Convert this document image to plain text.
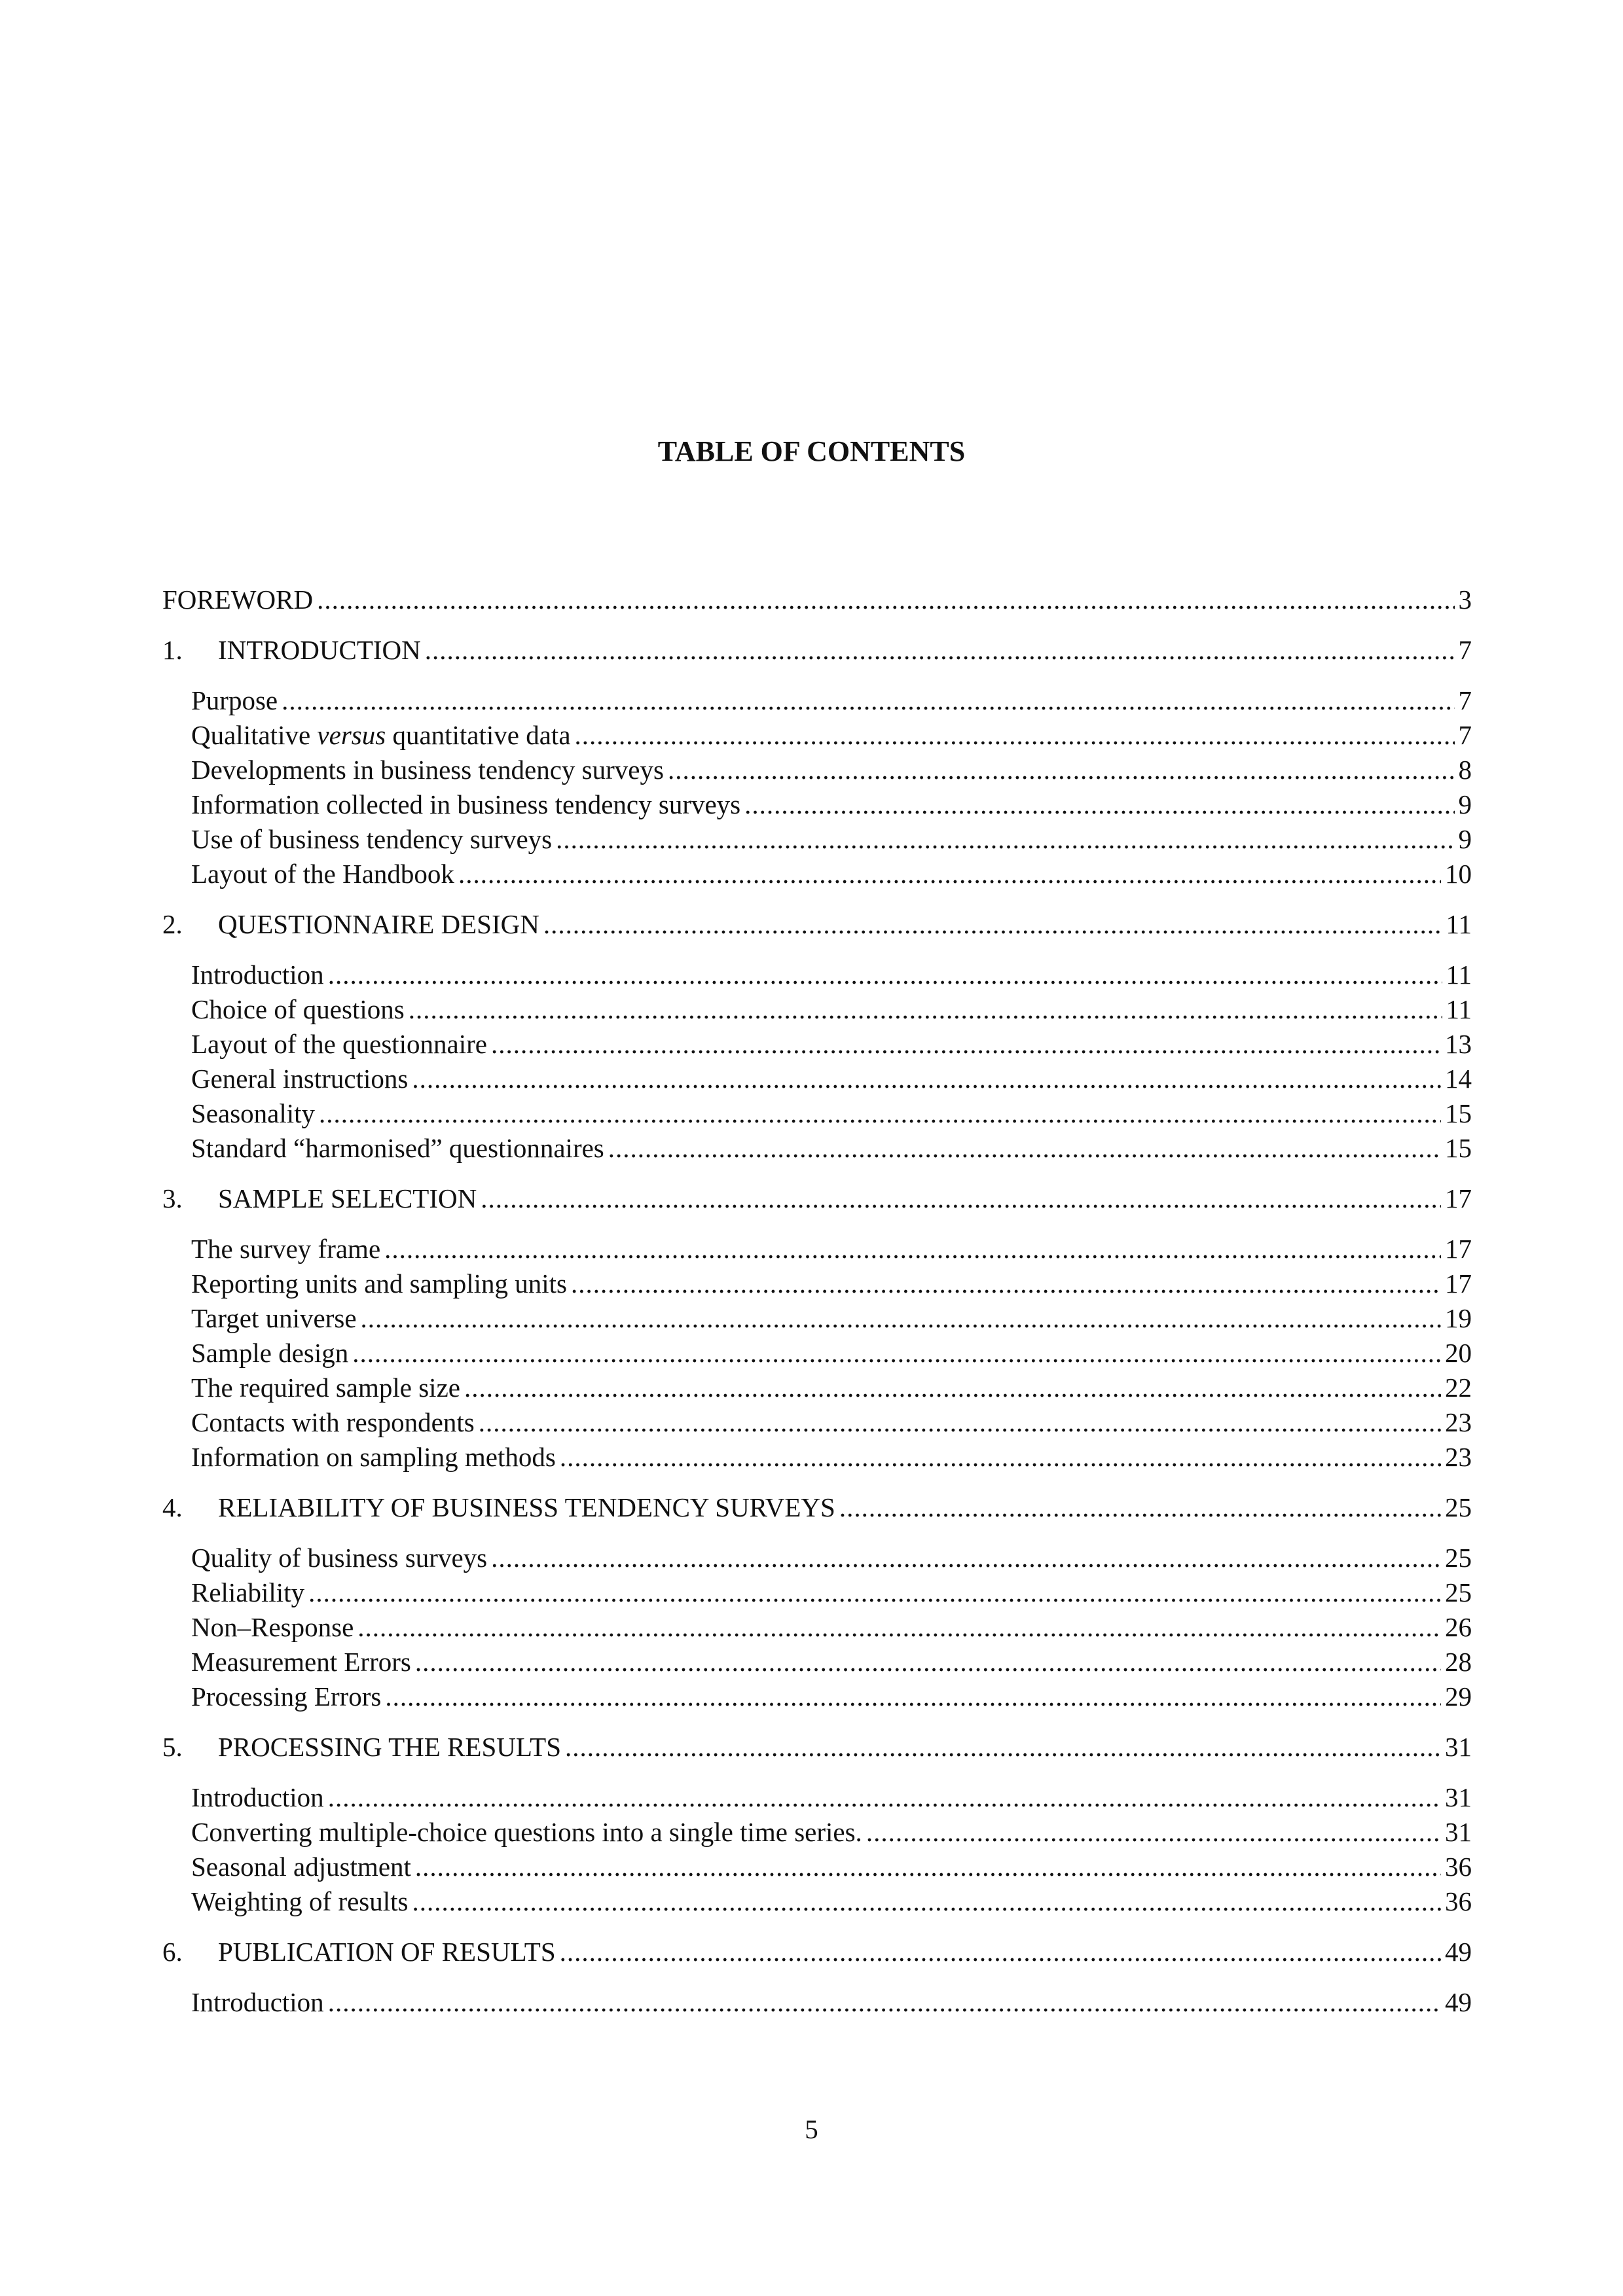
TABLE OF CONTENTS
FOREWORD .....	3
1.	INTRODUCTION .....	7
Purpose .....	7
Qualitative versus quantitative data .....	7
Developments in business tendency surveys .....	8
Information collected in business tendency surveys .....	9
Use of business tendency surveys .....	9
Layout of the Handbook .....	10
2.	QUESTIONNAIRE DESIGN .....	11
Introduction .....	11
Choice of questions .....	11
Layout of the questionnaire .....	13
General instructions .....	14
Seasonality .....	15
Standard “harmonised” questionnaires .....	15
3.	SAMPLE SELECTION .....	17
The survey frame .....	17
Reporting units and sampling units .....	17
Target universe .....	19
Sample design .....	20
The required sample size .....	22
Contacts with respondents .....	23
Information on sampling methods .....	23
4.	RELIABILITY OF BUSINESS TENDENCY SURVEYS .....	25
Quality of business surveys .....	25
Reliability .....	25
Non–Response .....	26
Measurement Errors .....	28
Processing Errors .....	29
5.	PROCESSING THE RESULTS .....	31
Introduction .....	31
Converting multiple-choice questions into a single time series. .....	31
Seasonal adjustment .....	36
Weighting of results .....	36
6.	PUBLICATION OF RESULTS .....	49
Introduction .....	49
5
